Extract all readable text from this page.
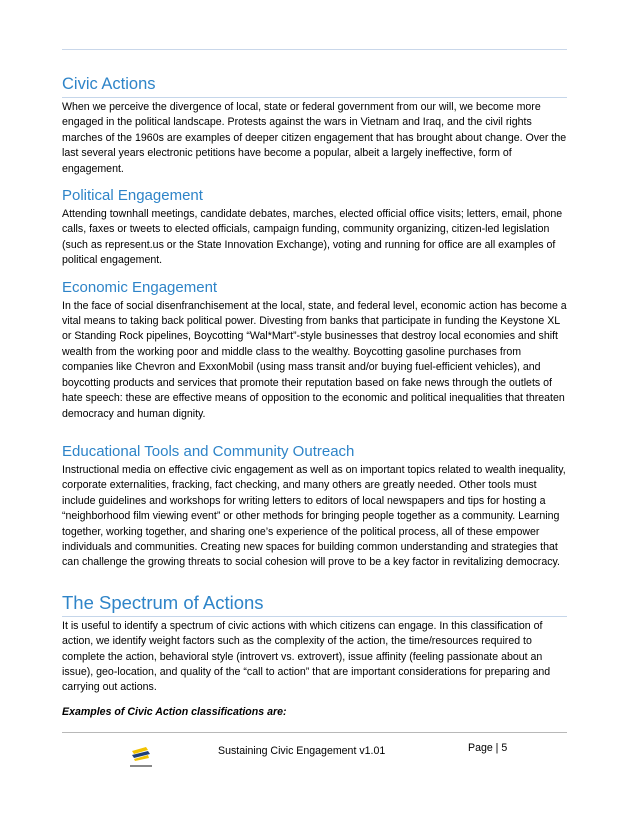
Civic Actions

When we perceive the divergence of local, state or federal government from our will, we become more engaged in the political landscape. Protests against the wars in Vietnam and Iraq, and the civil rights marches of the 1960s are examples of deeper citizen engagement that has brought about change. Over the last several years electronic petitions have become a popular, albeit a largely ineffective, form of engagement.

Political Engagement

Attending townhall meetings, candidate debates, marches, elected official office visits; letters, email, phone calls, faxes or tweets to elected officials, campaign funding, community organizing, citizen-led legislation (such as represent.us or the State Innovation Exchange), voting and running for office are all examples of political engagement.

Economic Engagement

In the face of social disenfranchisement at the local, state, and federal level, economic action has become a vital means to taking back political power. Divesting from banks that participate in funding the Keystone XL or Standing Rock pipelines, Boycotting “Wal*Mart”-style businesses that destroy local economies and shift wealth from the working poor and middle class to the wealthy. Boycotting gasoline purchases from companies like Chevron and ExxonMobil (using mass transit and/or buying fuel-efficient vehicles), and boycotting products and services that promote their reputation based on fake news through the outlets of hate speech: these are effective means of opposition to the economic and political inequalities that threaten democracy and human dignity.

Educational Tools and Community Outreach

Instructional media on effective civic engagement as well as on important topics related to wealth inequality, corporate externalities, fracking, fact checking, and many others are greatly needed. Other tools must include guidelines and workshops for writing letters to editors of local newspapers and tips for hosting a “neighborhood film viewing event” or other methods for bringing people together as a community. Learning together, working together, and sharing one’s experience of the political process, all of these empower individuals and communities. Creating new spaces for building common understanding and strategies that can challenge the growing threats to social cohesion will prove to be a key factor in revitalizing democracy.

The Spectrum of Actions

It is useful to identify a spectrum of civic actions with which citizens can engage. In this classification of action, we identify weight factors such as the complexity of the action, the time/resources required to complete the action, behavioral style (introvert vs. extrovert), issue affinity (feeling passionate about an issue), geo-location, and quality of the “call to action” that are important considerations for preparing and carrying out actions.

Examples of Civic Action classifications are:
Sustaining Civic Engagement v1.01	Page | 5
